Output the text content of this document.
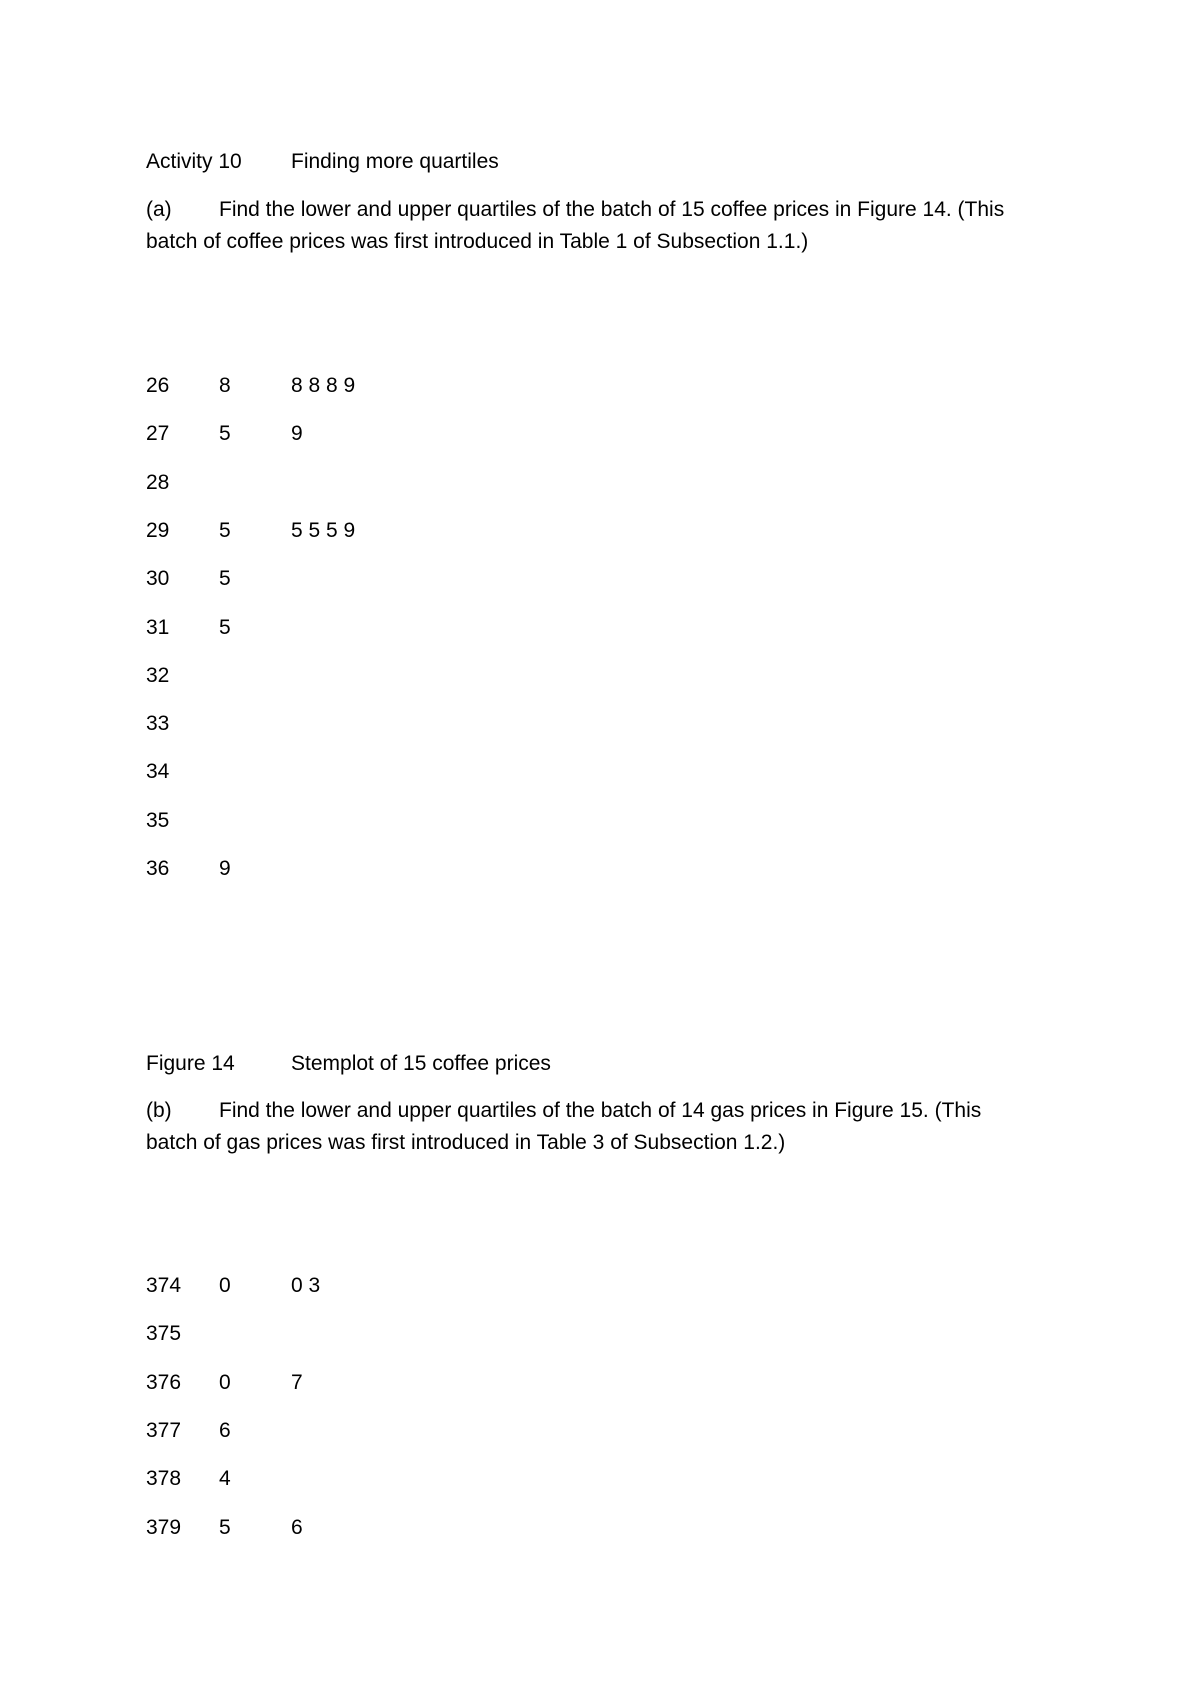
Activity 10 Finding more quartiles
(a) Find the lower and upper quartiles of the batch of 15 coffee prices in Figure 14. (This
batch of coffee prices was first introduced in Table 1 of Subsection 1.1.)
26 8	8 8 8 9
27 5	9
28
29 5	5 5 5 9
30 5
31 5
32
33
34
35
36 9
Figure 14	Stemplot of 15 coffee prices
(b) Find the lower and upper quartiles of the batch of 14 gas prices in Figure 15. (This
batch of gas prices was first introduced in Table 3 of Subsection 1.2.)
374 0	0 3
375
376 0	7
377 6
378 4
379 5	6
